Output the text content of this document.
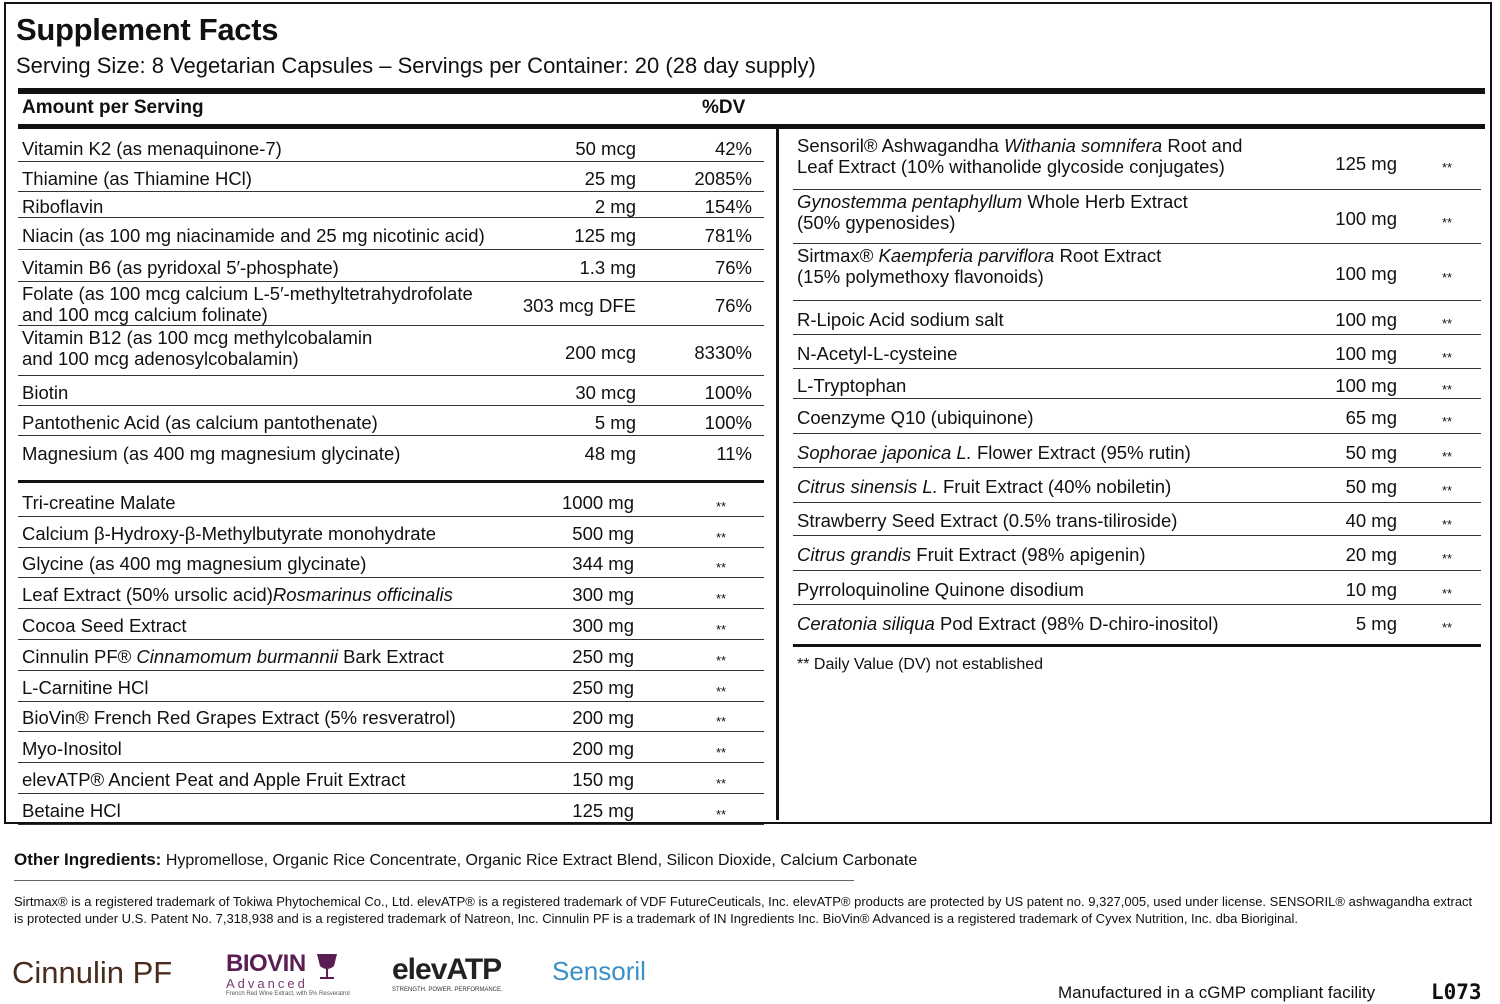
Supplement Facts
Serving Size: 8 Vegetarian Capsules – Servings per Container: 20 (28 day supply)
Amount per Serving	%DV
Vitamin K2 (as menaquinone-7)	50 mcg	42%
Thiamine (as Thiamine HCl)	25 mg	2085%
Riboflavin	2 mg	154%
Niacin (as 100 mg niacinamide and 25 mg nicotinic acid)	125 mg	781%
Vitamin B6 (as pyridoxal 5′-phosphate)	1.3 mg	76%
Folate (as 100 mcg calcium L-5′-methyltetrahydrofolate
and 100 mcg calcium folinate)	303 mcg DFE	76%
Vitamin B12 (as 100 mcg methylcobalamin
and 100 mcg adenosylcobalamin)	200 mcg	8330%
Biotin	30 mcg	100%
Pantothenic Acid (as calcium pantothenate)	5 mg	100%
Magnesium (as 400 mg magnesium glycinate)	48 mg	11%
Tri-creatine Malate	1000 mg	**
Calcium β-Hydroxy-β-Methylbutyrate monohydrate	500 mg	**
Glycine (as 400 mg magnesium glycinate)	344 mg	**
Leaf Extract (50% ursolic acid)Rosmarinus officinalis	300 mg	**
Cocoa Seed Extract	300 mg	**
Cinnulin PF® Cinnamomum burmannii Bark Extract	250 mg	**
L-Carnitine HCl	250 mg	**
BioVin® French Red Grapes Extract (5% resveratrol)	200 mg	**
Myo-Inositol	200 mg	**
elevATP® Ancient Peat and Apple Fruit Extract	150 mg	**
Betaine HCl	125 mg	**
Sensoril® Ashwagandha Withania somnifera Root and
Leaf Extract (10% withanolide glycoside conjugates)	125 mg	**
Gynostemma pentaphyllum Whole Herb Extract
(50% gypenosides)	100 mg	**
Sirtmax® Kaempferia parviflora Root Extract
(15% polymethoxy flavonoids)	100 mg	**
R-Lipoic Acid sodium salt	100 mg	**
N-Acetyl-L-cysteine	100 mg	**
L-Tryptophan	100 mg	**
Coenzyme Q10 (ubiquinone)	65 mg	**
Sophorae japonica L. Flower Extract (95% rutin)	50 mg	**
Citrus sinensis L. Fruit Extract (40% nobiletin)	50 mg	**
Strawberry Seed Extract (0.5% trans-tiliroside)	40 mg	**
Citrus grandis Fruit Extract (98% apigenin)	20 mg	**
Pyrroloquinoline Quinone disodium	10 mg	**
Ceratonia siliqua Pod Extract (98% D-chiro-inositol)	5 mg	**
** Daily Value (DV) not established
Other Ingredients: Hypromellose, Organic Rice Concentrate, Organic Rice Extract Blend, Silicon Dioxide, Calcium Carbonate
Sirtmax® is a registered trademark of Tokiwa Phytochemical Co., Ltd. elevATP® is a registered trademark of VDF FutureCeuticals, Inc. elevATP® products are protected by US patent no. 9,327,005, used under license. SENSORIL® ashwagandha extract is protected under U.S. Patent No. 7,318,938 and is a registered trademark of Natreon, Inc. Cinnulin PF is a trademark of IN Ingredients Inc. BioVin® Advanced is a registered trademark of Cyvex Nutrition, Inc. dba Bioriginal.
Cinnulin PF BIOVIN
Advanced
French Red Wine Extract, with 5% Resveratrol
elevATP
STRENGTH. POWER. PERFORMANCE.
Sensoril
Manufactured in a cGMP compliant facility	L073
